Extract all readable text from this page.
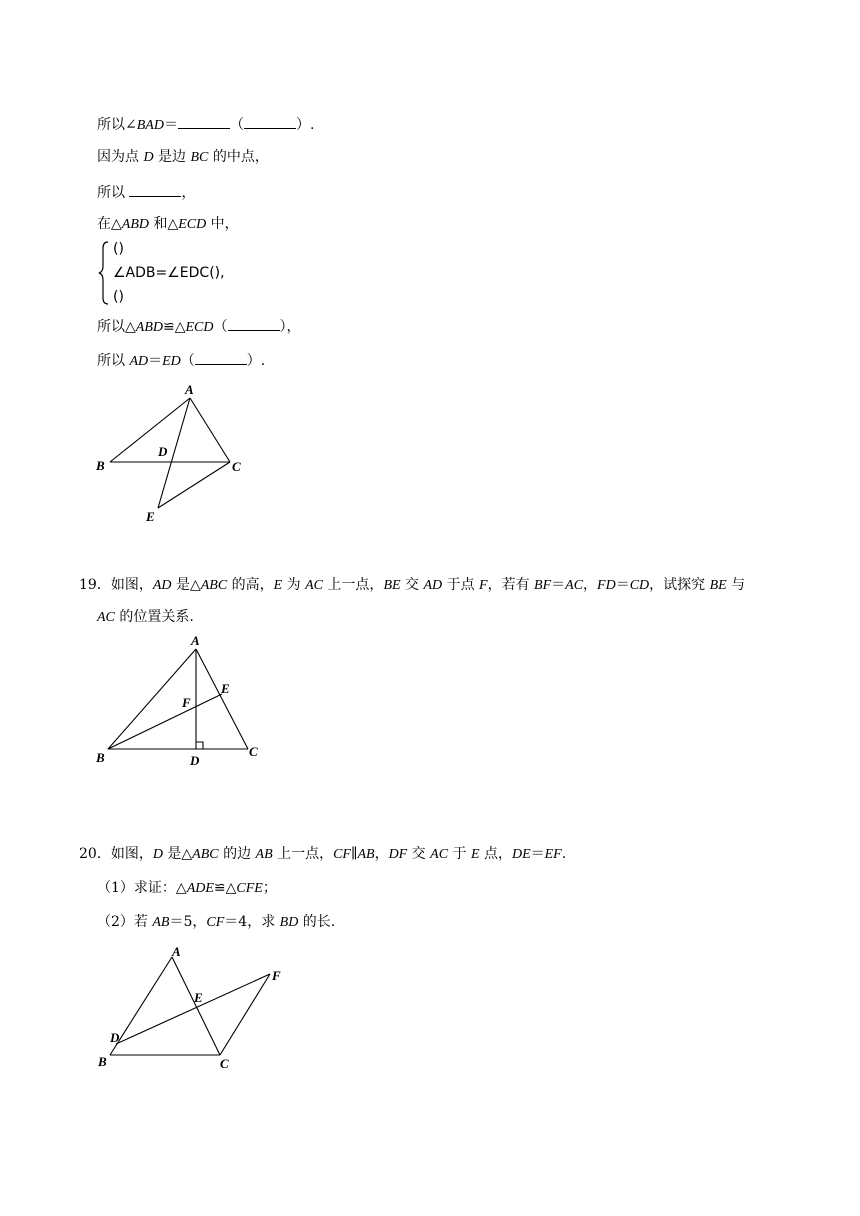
所以∠BAD＝	（	）.
因为点 D 是边 BC 的中点，
所以	，
在△ABD 和△ECD 中，
()
∠ADB=∠EDC(),
()
所以△ABD≌△ECD（	），
所以 AD＝ED（	）.
A
B	C
D
E
19．如图，AD 是△ABC 的高，E 为 AC 上一点，BE 交 AD 于点 F，若有 BF＝AC，FD＝CD，试探究 BE 与
AC 的位置关系.
A
B	C
D
E
F
20．如图，D 是△ABC 的边 AB 上一点，CF∥AB，DF 交 AC 于 E 点，DE＝EF.
（1）求证：△ADE≌△CFE；
（2）若 AB＝5，CF＝4，求 BD 的长.
A
B	C
D
E
F
